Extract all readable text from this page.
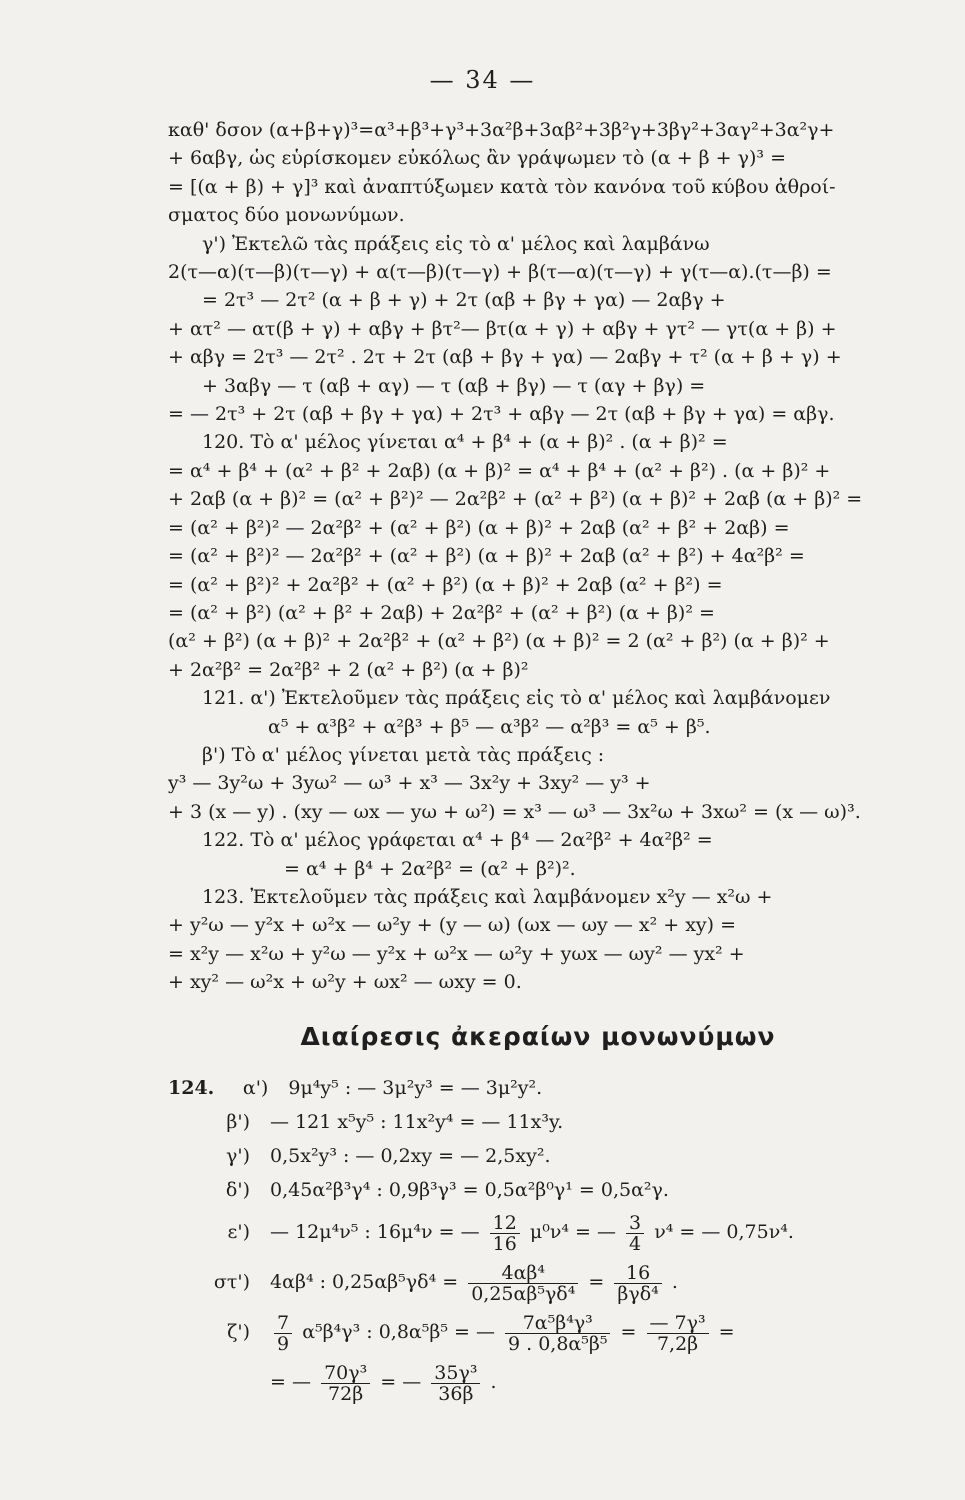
— 34 —
καθ' δσον (α+β+γ)³=α³+β³+γ³+3α²β+3αβ²+3β²γ+3βγ²+3αγ²+3α²γ+
+ 6αβγ, ὡς εὑρίσκομεν εὐκόλως ἂν γράψωμεν τὸ (α + β + γ)³ =
= [(α + β) + γ]³ καὶ ἀναπτύξωμεν κατὰ τὸν κανόνα τοῦ κύβου ἀθροί-
σματος δύο μονωνύμων.
γ') Ἐκτελῶ τὰς πράξεις εἰς τὸ α' μέλος καὶ λαμβάνω
2(τ—α)(τ—β)(τ—γ) + α(τ—β)(τ—γ) + β(τ—α)(τ—γ) + γ(τ—α).(τ—β) =
= 2τ³ — 2τ² (α + β + γ) + 2τ (αβ + βγ + γα) — 2αβγ +
+ ατ² — ατ(β + γ) + αβγ + βτ²— βτ(α + γ) + αβγ + γτ² — γτ(α + β) +
+ αβγ = 2τ³ — 2τ² . 2τ + 2τ (αβ + βγ + γα) — 2αβγ + τ² (α + β + γ) +
+ 3αβγ — τ (αβ + αγ) — τ (αβ + βγ) — τ (αγ + βγ) =
= — 2τ³ + 2τ (αβ + βγ + γα) + 2τ³ + αβγ — 2τ (αβ + βγ + γα) = αβγ.
120. Τὸ α' μέλος γίνεται α⁴ + β⁴ + (α + β)² . (α + β)² =
= α⁴ + β⁴ + (α² + β² + 2αβ) (α + β)² = α⁴ + β⁴ + (α² + β²) . (α + β)² +
+ 2αβ (α + β)² = (α² + β²)² — 2α²β² + (α² + β²) (α + β)² + 2αβ (α + β)² =
= (α² + β²)² — 2α²β² + (α² + β²) (α + β)² + 2αβ (α² + β² + 2αβ) =
= (α² + β²)² — 2α²β² + (α² + β²) (α + β)² + 2αβ (α² + β²) + 4α²β² =
= (α² + β²)² + 2α²β² + (α² + β²) (α + β)² + 2αβ (α² + β²) =
= (α² + β²) (α² + β² + 2αβ) + 2α²β² + (α² + β²) (α + β)² =
(α² + β²) (α + β)² + 2α²β² + (α² + β²) (α + β)² = 2 (α² + β²) (α + β)² +
+ 2α²β² = 2α²β² + 2 (α² + β²) (α + β)²
121. α') Ἐκτελοῦμεν τὰς πράξεις εἰς τὸ α' μέλος καὶ λαμβάνομεν
α⁵ + α³β² + α²β³ + β⁵ — α³β² — α²β³ = α⁵ + β⁵.
β') Τὸ α' μέλος γίνεται μετὰ τὰς πράξεις :
y³ — 3y²ω + 3yω² — ω³ + x³ — 3x²y + 3xy² — y³ +
+ 3 (x — y) . (xy — ωx — yω + ω²) = x³ — ω³ — 3x²ω + 3xω² = (x — ω)³.
122. Τὸ α' μέλος γράφεται α⁴ + β⁴ — 2α²β² + 4α²β² =
= α⁴ + β⁴ + 2α²β² = (α² + β²)².
123. Ἐκτελοῦμεν τὰς πράξεις καὶ λαμβάνομεν x²y — x²ω +
+ y²ω — y²x + ω²x — ω²y + (y — ω) (ωx — ωy — x² + xy) =
= x²y — x²ω + y²ω — y²x + ω²x — ω²y + yωx — ωy² — yx² +
+ xy² — ω²x + ω²y + ωx² — ωxy = 0.
Διαίρεσις ἀκεραίων μονωνύμων
124. α') 9μ⁴y⁵ : — 3μ²y³ = — 3μ²y².
β') — 121 x⁵y⁵ : 11x²y⁴ = — 11x³y.
γ') 0,5x²y³ : — 0,2xy = — 2,5xy².
δ') 0,45α²β³γ⁴ : 0,9β³γ³ = 0,5α²β⁰γ¹ = 0,5α²γ.
ε') — 12μ⁴ν⁵ : 16μ⁴ν = — $\frac{12}{16} \mu^0\nu^4$ = — $\frac{3}{4} \nu^4$ = — 0,75ν⁴.
στ') 4αβ⁴ : $0,25\alpha\beta^5\gamma\delta^4 = \frac{\text{4αβ⁴}}{\text{0,25αβ⁵γδ⁴}} = \frac{16}{\text{βγδ⁴}}$ .
$\zeta') \frac{7}{9} \alpha^5\beta^4\gamma^3$ : 0,8α⁵β⁵ = — $\frac{\text{7α⁵β⁴γ³}}{\text{9 . 0,8α⁵β⁵}} = \frac{\text{— 7γ³}}{7,2\beta}$ =
= — $\frac{\text{70γ³}}{72\beta}$ = — $\frac{\text{35γ³}}{36\beta}$ .
